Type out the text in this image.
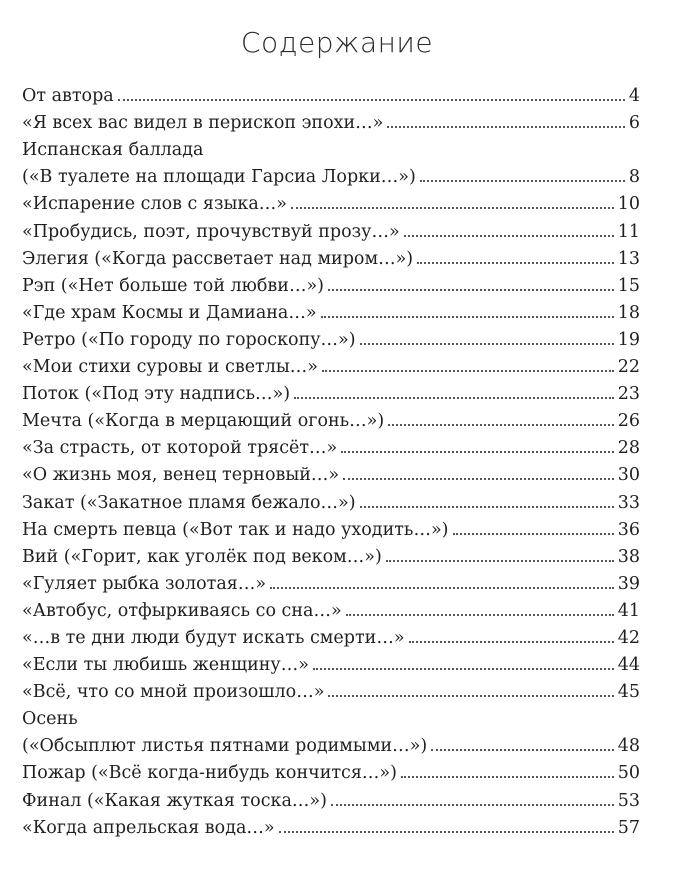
Содержание
От автора	4
«Я всех вас видел в перископ эпохи…»	6
Испанская баллада
(«В туалете на площади Гарсиа Лорки…»)	8
«Испарение слов с языка…»	10
«Пробудись, поэт, прочувствуй прозу…»	11
Элегия («Когда рассветает над миром…»)	13
Рэп («Нет больше той любви…»)	15
«Где храм Космы и Дамиана…»	18
Ретро («По городу по гороскопу…»)	19
«Мои стихи суровы и светлы…»	22
Поток («Под эту надпись…»)	23
Мечта («Когда в мерцающий огонь…»)	26
«За страсть, от которой трясёт…»	28
«О жизнь моя, венец терновый…»	30
Закат («Закатное пламя бежало…»)	33
На смерть певца («Вот так и надо уходить…»)	36
Вий («Горит, как уголёк под веком…»)	38
«Гуляет рыбка золотая…»	39
«Автобус, отфыркиваясь со сна…»	41
«…в те дни люди будут искать смерти…»	42
«Если ты любишь женщину…»	44
«Всё, что со мной произошло…»	45
Осень
(«Обсыплют листья пятнами родимыми…»)	48
Пожар («Всё когда-нибудь кончится…»)	50
Финал («Какая жуткая тоска…»)	53
«Когда апрельская вода…»	57
